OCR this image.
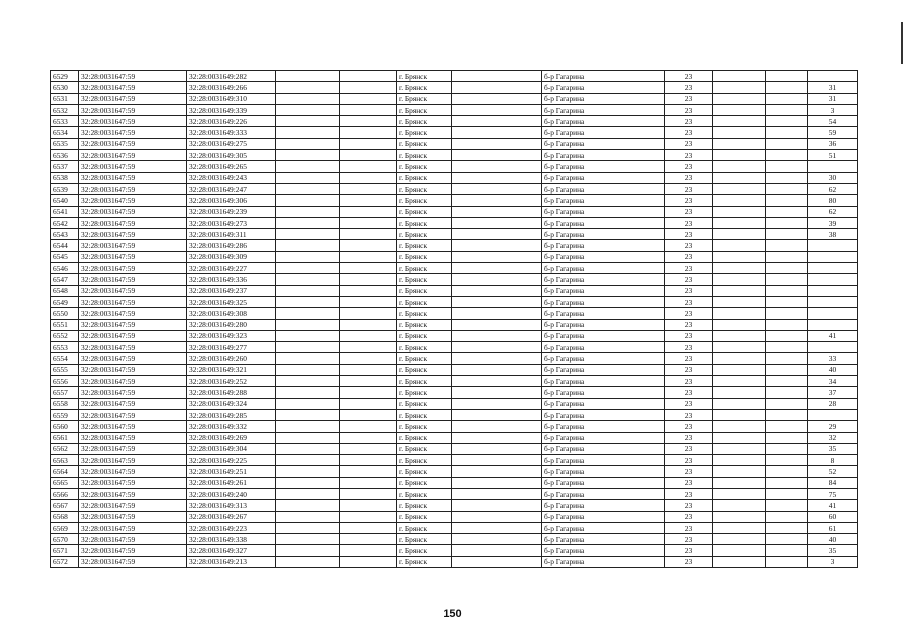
6529	32:28:0031647:59	32:28:0031649:282			г. Брянск		б-р Гагарина	23			
6530	32:28:0031647:59	32:28:0031649:266			г. Брянск		б-р Гагарина	23			31
6531	32:28:0031647:59	32:28:0031649:310			г. Брянск		б-р Гагарина	23			31
6532	32:28:0031647:59	32:28:0031649:339			г. Брянск		б-р Гагарина	23			3
6533	32:28:0031647:59	32:28:0031649:226			г. Брянск		б-р Гагарина	23			54
6534	32:28:0031647:59	32:28:0031649:333			г. Брянск		б-р Гагарина	23			59
6535	32:28:0031647:59	32:28:0031649:275			г. Брянск		б-р Гагарина	23			36
6536	32:28:0031647:59	32:28:0031649:305			г. Брянск		б-р Гагарина	23			51
6537	32:28:0031647:59	32:28:0031649:265			г. Брянск		б-р Гагарина	23			
6538	32:28:0031647:59	32:28:0031649:243			г. Брянск		б-р Гагарина	23			30
6539	32:28:0031647:59	32:28:0031649:247			г. Брянск		б-р Гагарина	23			62
6540	32:28:0031647:59	32:28:0031649:306			г. Брянск		б-р Гагарина	23			80
6541	32:28:0031647:59	32:28:0031649:239			г. Брянск		б-р Гагарина	23			62
6542	32:28:0031647:59	32:28:0031649:273			г. Брянск		б-р Гагарина	23			39
6543	32:28:0031647:59	32:28:0031649:311			г. Брянск		б-р Гагарина	23			38
6544	32:28:0031647:59	32:28:0031649:286			г. Брянск		б-р Гагарина	23			
6545	32:28:0031647:59	32:28:0031649:309			г. Брянск		б-р Гагарина	23			
6546	32:28:0031647:59	32:28:0031649:227			г. Брянск		б-р Гагарина	23			
6547	32:28:0031647:59	32:28:0031649:336			г. Брянск		б-р Гагарина	23			
6548	32:28:0031647:59	32:28:0031649:237			г. Брянск		б-р Гагарина	23			
6549	32:28:0031647:59	32:28:0031649:325			г. Брянск		б-р Гагарина	23			
6550	32:28:0031647:59	32:28:0031649:308			г. Брянск		б-р Гагарина	23			
6551	32:28:0031647:59	32:28:0031649:280			г. Брянск		б-р Гагарина	23			
6552	32:28:0031647:59	32:28:0031649:323			г. Брянск		б-р Гагарина	23			41
6553	32:28:0031647:59	32:28:0031649:277			г. Брянск		б-р Гагарина	23			
6554	32:28:0031647:59	32:28:0031649:260			г. Брянск		б-р Гагарина	23			33
6555	32:28:0031647:59	32:28:0031649:321			г. Брянск		б-р Гагарина	23			40
6556	32:28:0031647:59	32:28:0031649:252			г. Брянск		б-р Гагарина	23			34
6557	32:28:0031647:59	32:28:0031649:288			г. Брянск		б-р Гагарина	23			37
6558	32:28:0031647:59	32:28:0031649:324			г. Брянск		б-р Гагарина	23			28
6559	32:28:0031647:59	32:28:0031649:285			г. Брянск		б-р Гагарина	23			
6560	32:28:0031647:59	32:28:0031649:332			г. Брянск		б-р Гагарина	23			29
6561	32:28:0031647:59	32:28:0031649:269			г. Брянск		б-р Гагарина	23			32
6562	32:28:0031647:59	32:28:0031649:304			г. Брянск		б-р Гагарина	23			35
6563	32:28:0031647:59	32:28:0031649:225			г. Брянск		б-р Гагарина	23			8
6564	32:28:0031647:59	32:28:0031649:251			г. Брянск		б-р Гагарина	23			52
6565	32:28:0031647:59	32:28:0031649:261			г. Брянск		б-р Гагарина	23			84
6566	32:28:0031647:59	32:28:0031649:240			г. Брянск		б-р Гагарина	23			75
6567	32:28:0031647:59	32:28:0031649:313			г. Брянск		б-р Гагарина	23			41
6568	32:28:0031647:59	32:28:0031649:267			г. Брянск		б-р Гагарина	23			60
6569	32:28:0031647:59	32:28:0031649:223			г. Брянск		б-р Гагарина	23			61
6570	32:28:0031647:59	32:28:0031649:338			г. Брянск		б-р Гагарина	23			40
6571	32:28:0031647:59	32:28:0031649:327			г. Брянск		б-р Гагарина	23			35
6572	32:28:0031647:59	32:28:0031649:213			г. Брянск		б-р Гагарина	23			3
150
